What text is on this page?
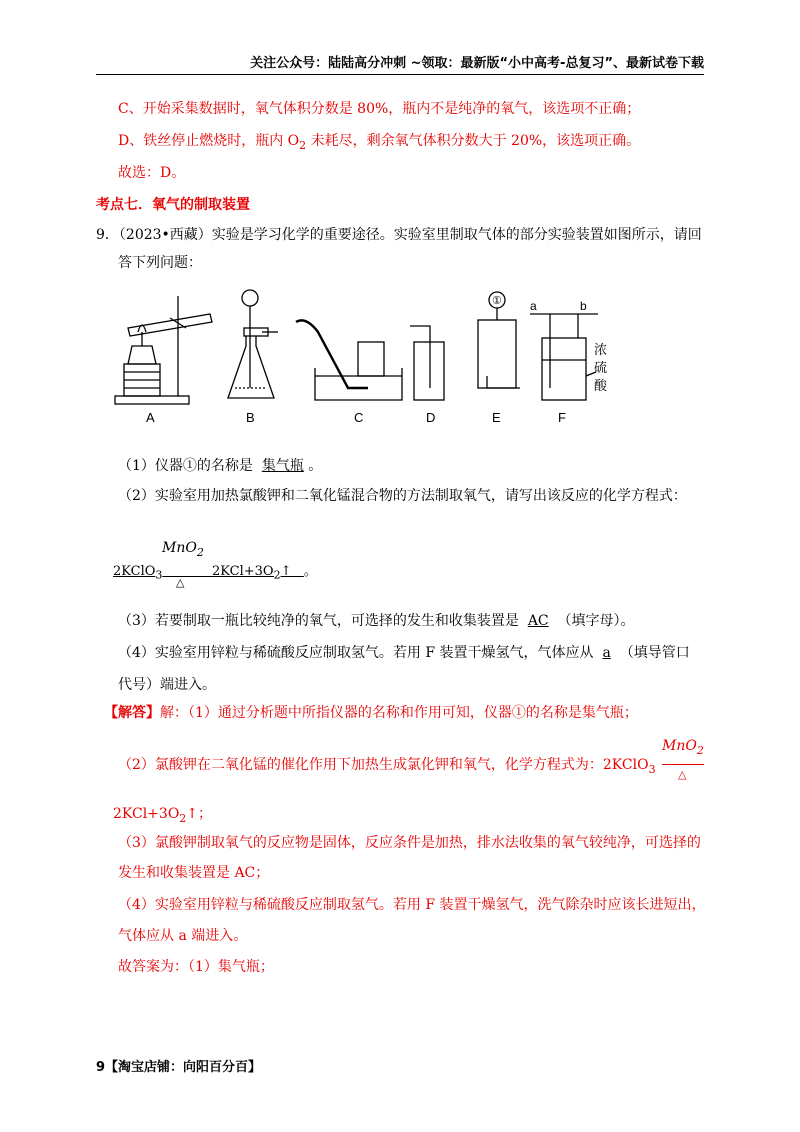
关注公众号：陆陆高分冲刺 ~领取：最新版“小中高考-总复习”、最新试卷下载
C、开始采集数据时，氧气体积分数是 80%，瓶内不是纯净的氧气，该选项不正确；
D、铁丝停止燃烧时，瓶内 $O_2$ 未耗尽，剩余氧气体积分数大于 20%，该选项正确。
故选：D。
考点七．氧气的制取装置
9．（2023•西藏）实验是学习化学的重要途径。实验室里制取气体的部分实验装置如图所示，请回
答下列问题：
① a	b
浓
硫
酸
A	B	C	D	E	F
（1）仪器①的名称是 集气瓶 。
（2）实验室用加热氯酸钾和二氧化锰混合物的方法制取氧气，请写出该反应的化学方程式：
MnO$_2$
2KClO$_3$	$2KCl+3O_2↑$ 。
△
（3）若要制取一瓶比较纯净的氧气，可选择的发生和收集装置是 AC （填字母）。
（4）实验室用锌粒与稀硫酸反应制取氢气。若用 F 装置干燥氢气，气体应从 a （填导管口
代号）端进入。
【解答】解：（1）通过分析题中所指仪器的名称和作用可知，仪器①的名称是集气瓶；
MnO$_2$
（2）氯酸钾在二氧化锰的催化作用下加热生成氯化钾和氧气，化学方程式为：2KClO$_3$ △
$2KCl+3O_2↑$；
（3）氯酸钾制取氧气的反应物是固体，反应条件是加热，排水法收集的氧气较纯净，可选择的
发生和收集装置是 AC；
（4）实验室用锌粒与稀硫酸反应制取氢气。若用 F 装置干燥氢气，洗气除杂时应该长进短出，
气体应从 a 端进入。
故答案为：（1）集气瓶；
9【淘宝店铺：向阳百分百】
